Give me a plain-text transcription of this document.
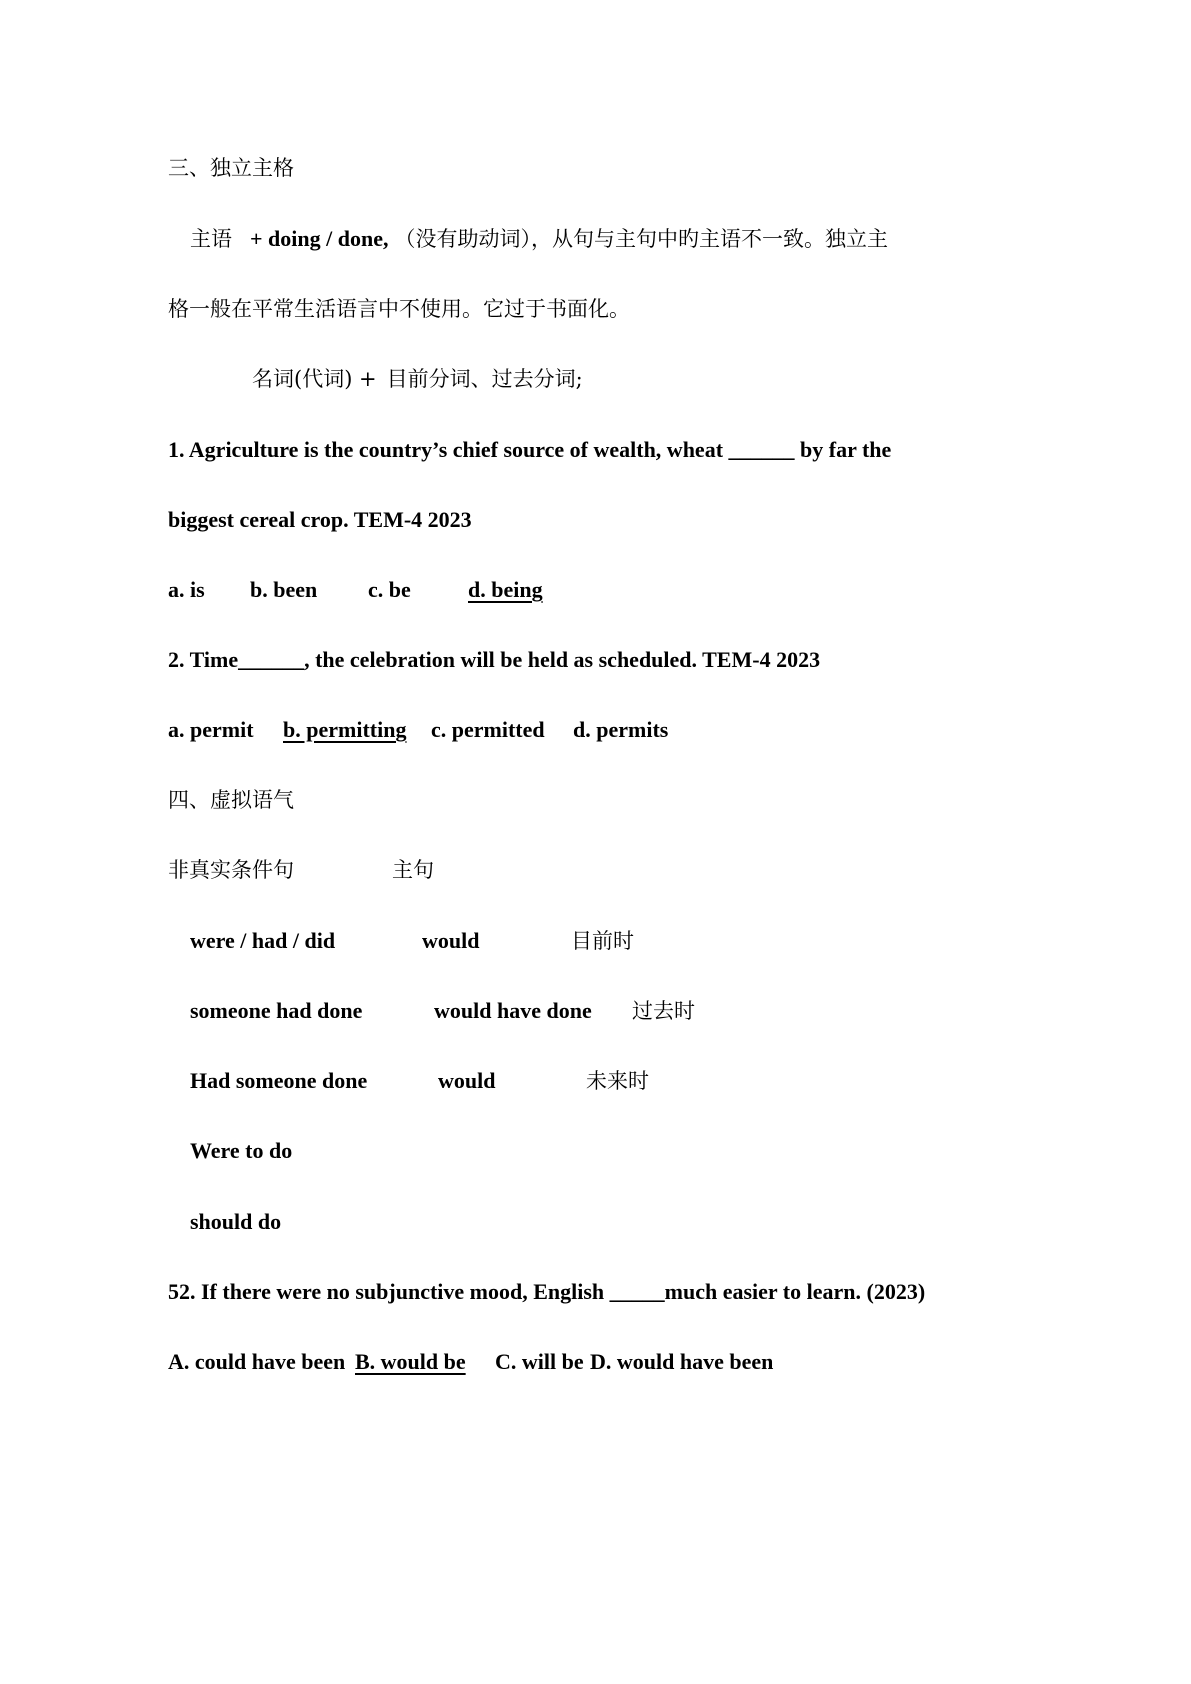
三、独立主格
主语 + doing / done, （没有助动词），从句与主句中旳主语不一致。独立主
格一般在平常生活语言中不使用。它过于书面化。
名词(代词) + 目前分词、过去分词;
1. Agriculture is the country’s chief source of wealth, wheat ______ by far the
biggest cereal crop. TEM-4 2023
a. is b. been c. be	d. being
2. Time______, the celebration will be held as scheduled. TEM-4 2023
a. permit b. permitting c. permitted d. permits
四、虚拟语气
非真实条件句	主句
were / had / did	would	目前时
someone had done	would have done 过去时
Had someone done	would	未来时
Were to do
should do
52. If there were no subjunctive mood, English _____much easier to learn. (2023)
A. could have been B. would be C. will be D. would have been
